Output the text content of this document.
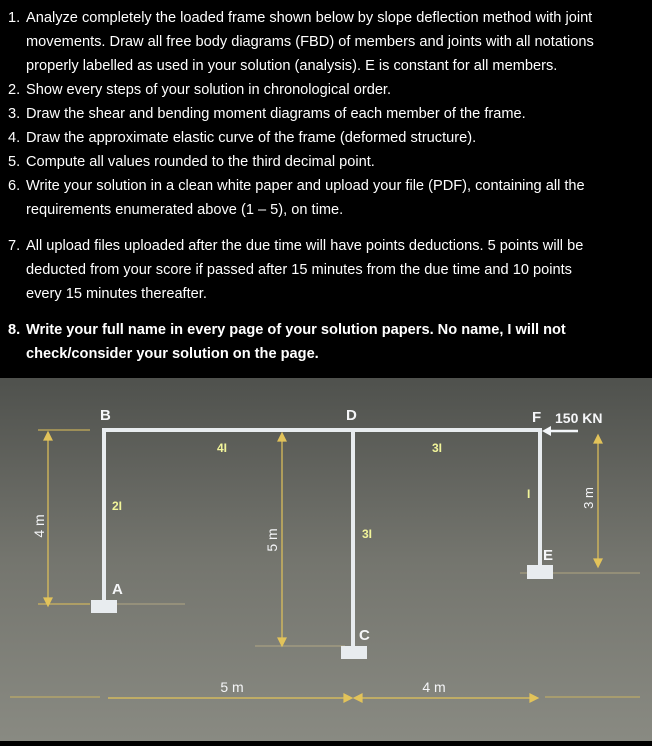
1. Analyze completely the loaded frame shown below by slope deflection method with joint
movements. Draw all free body diagrams (FBD) of members and joints with all notations
properly labelled as used in your solution (analysis). E is constant for all members.
2. Show every steps of your solution in chronological order.
3. Draw the shear and bending moment diagrams of each member of the frame.
4. Draw the approximate elastic curve of the frame (deformed structure).
5. Compute all values rounded to the third decimal point.
6. Write your solution in a clean white paper and upload your file (PDF), containing all the
requirements enumerated above (1 – 5), on time.
7. All upload files uploaded after the due time will have points deductions. 5 points will be
deducted from your score if passed after 15 minutes from the due time and 10 points
every 15 minutes thereafter.
8. Write your full name in every page of your solution papers. No name, I will not
check/consider your solution on the page.
B	D	F
A
C
E
150 KN
4I
2I
3I
3I
I
4 m
5 m
3 m
5 m	4 m
